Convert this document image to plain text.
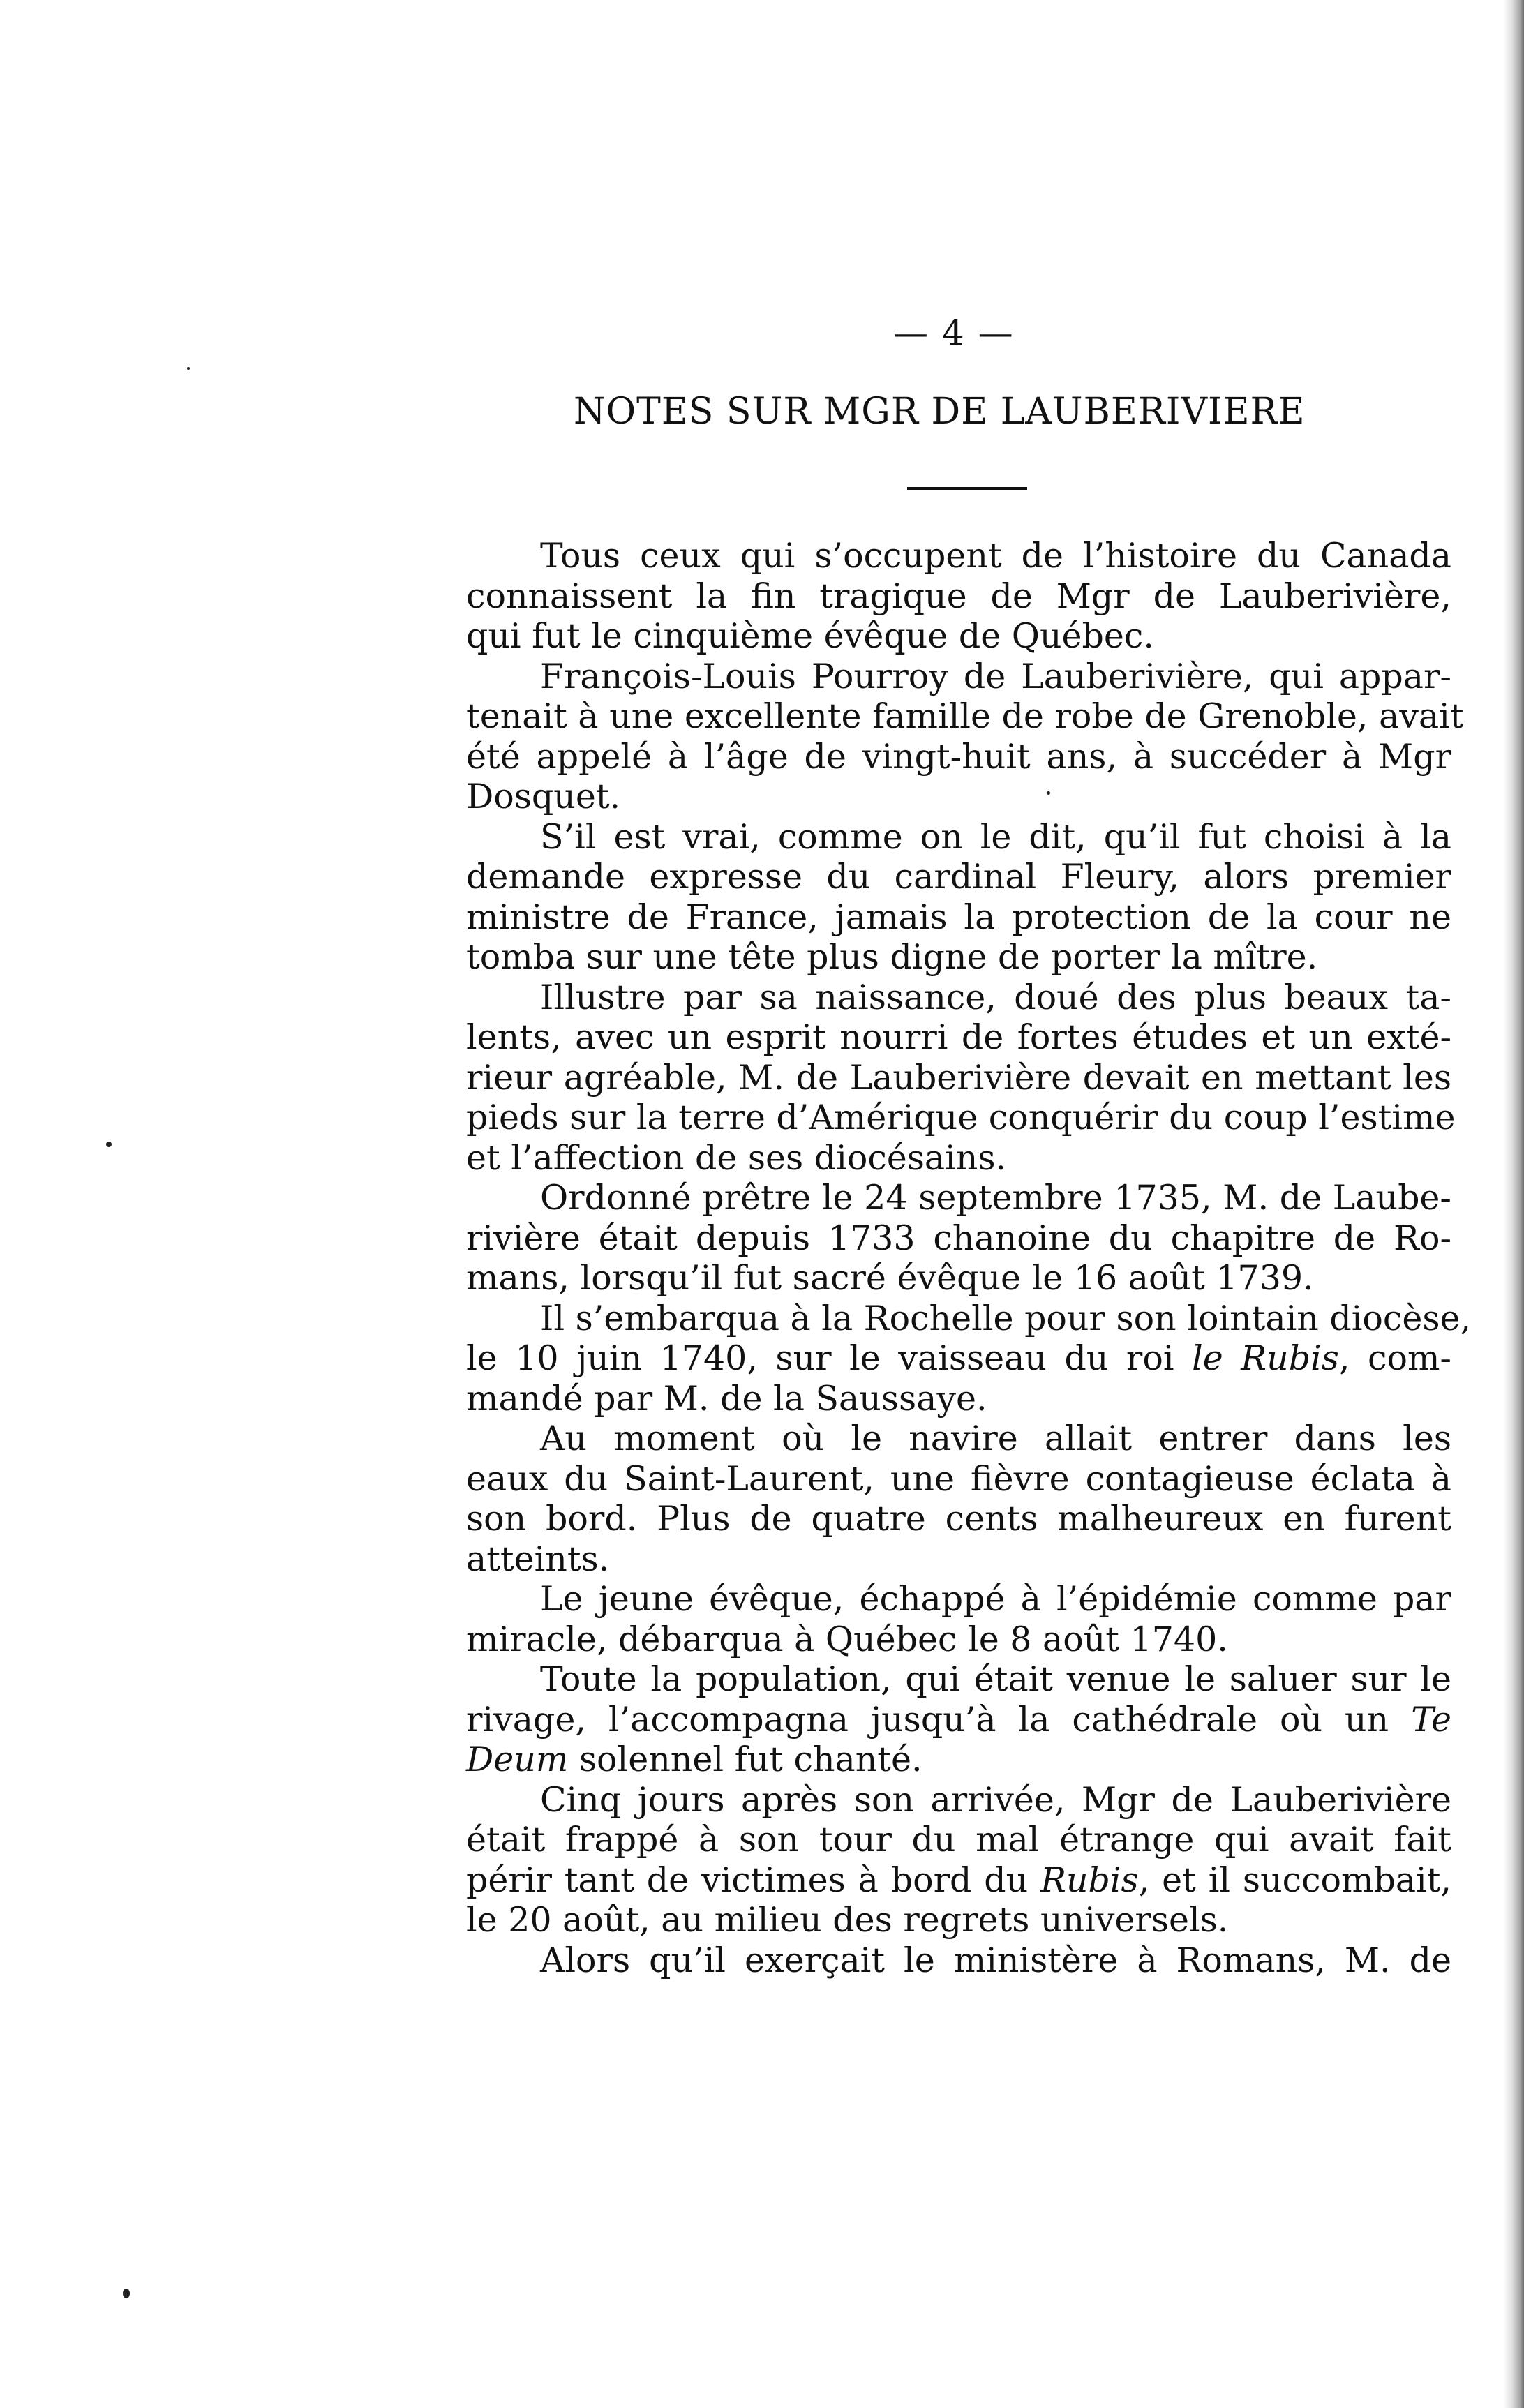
— 4 —
NOTES SUR MGR DE LAUBERIVIERE
Tous ceux qui s’occupent de l’histoire du Canada
connaissent la fin tragique de Mgr de Lauberivière,
qui fut le cinquième évêque de Québec.
François-Louis Pourroy de Lauberivière, qui appar-
tenait à une excellente famille de robe de Grenoble, avait
été appelé à l’âge de vingt-huit ans, à succéder à Mgr
Dosquet.
S’il est vrai, comme on le dit, qu’il fut choisi à la
demande expresse du cardinal Fleury, alors premier
ministre de France, jamais la protection de la cour ne
tomba sur une tête plus digne de porter la mître.
Illustre par sa naissance, doué des plus beaux ta-
lents, avec un esprit nourri de fortes études et un exté-
rieur agréable, M. de Lauberivière devait en mettant les
pieds sur la terre d’Amérique conquérir du coup l’estime
et l’affection de ses diocésains.
Ordonné prêtre le 24 septembre 1735, M. de Laube-
rivière était depuis 1733 chanoine du chapitre de Ro-
mans, lorsqu’il fut sacré évêque le 16 août 1739.
Il s’embarqua à la Rochelle pour son lointain diocèse,
le 10 juin 1740, sur le vaisseau du roi le Rubis, com-
mandé par M. de la Saussaye.
Au moment où le navire allait entrer dans les
eaux du Saint-Laurent, une fièvre contagieuse éclata à
son bord. Plus de quatre cents malheureux en furent
atteints.
Le jeune évêque, échappé à l’épidémie comme par
miracle, débarqua à Québec le 8 août 1740.
Toute la population, qui était venue le saluer sur le
rivage, l’accompagna jusqu’à la cathédrale où un Te
Deum solennel fut chanté.
Cinq jours après son arrivée, Mgr de Lauberivière
était frappé à son tour du mal étrange qui avait fait
périr tant de victimes à bord du Rubis, et il succombait,
le 20 août, au milieu des regrets universels.
Alors qu’il exerçait le ministère à Romans, M. de
